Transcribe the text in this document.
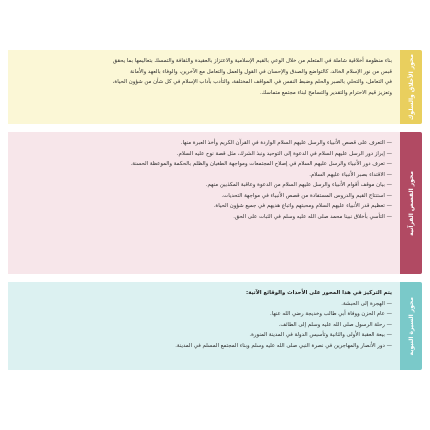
بناء منظومة أخلاقية شاملة في المتعلم من خلال الوعي بالقيم الإسلامية والاعتزاز بالعقيدة والثقافة والتمسك بتعاليمها بما يحقق
قبس من نور الإسلام الخالد، كالتواضع والصدق والإحسان في القول والعمل والتعامل مع الآخرين، والوفاء بالعهد والأمانة
في التعامل، والتحلي بالصبر والحلم وضبط النفس في المواقف المختلفة، والتأدب بآداب الإسلام في كل شأن من شؤون الحياة،
وتعزيز قيم الاحترام والتقدير والتسامح لبناء مجتمع متماسك.	محور الأخلاق والسلوك
— التعرف على قصص الأنبياء والرسل عليهم السلام الواردة في القرآن الكريم وأخذ العبرة منها.
— إبراز دور الرسل عليهم السلام في الدعوة إلى التوحيد ونبذ الشرك، مثل قصة نوح عليه السلام.
— تعرف دور الأنبياء والرسل عليهم السلام في إصلاح المجتمعات ومواجهة الطغيان والظلم بالحكمة والموعظة الحسنة.
— الاقتداء بصبر الأنبياء عليهم السلام.
— بيان موقف أقوام الأنبياء والرسل عليهم السلام من الدعوة وعاقبة المكذبين منهم.
— استنتاج القيم والدروس المستفادة من قصص الأنبياء في مواجهة التحديات.
— تعظيم قدر الأنبياء عليهم السلام ومحبتهم واتباع هديهم في جميع شؤون الحياة.
— التأسي بأخلاق نبينا محمد صلى الله عليه وسلم في الثبات على الحق.	محور القصص القرآنية
يتم التركيز في هذا المحور على الأحداث والوقائع الآتية:
— الهجرة إلى الحبشة.
— عام الحزن ووفاة أبي طالب وخديجة رضي الله عنها.
— رحلة الرسول صلى الله عليه وسلم إلى الطائف.
— بيعة العقبة الأولى والثانية وتأسيس الدولة في المدينة المنورة.
— دور الأنصار والمهاجرين في نصرة النبي صلى الله عليه وسلم وبناء المجتمع المسلم في المدينة.	محور السيرة النبوية
